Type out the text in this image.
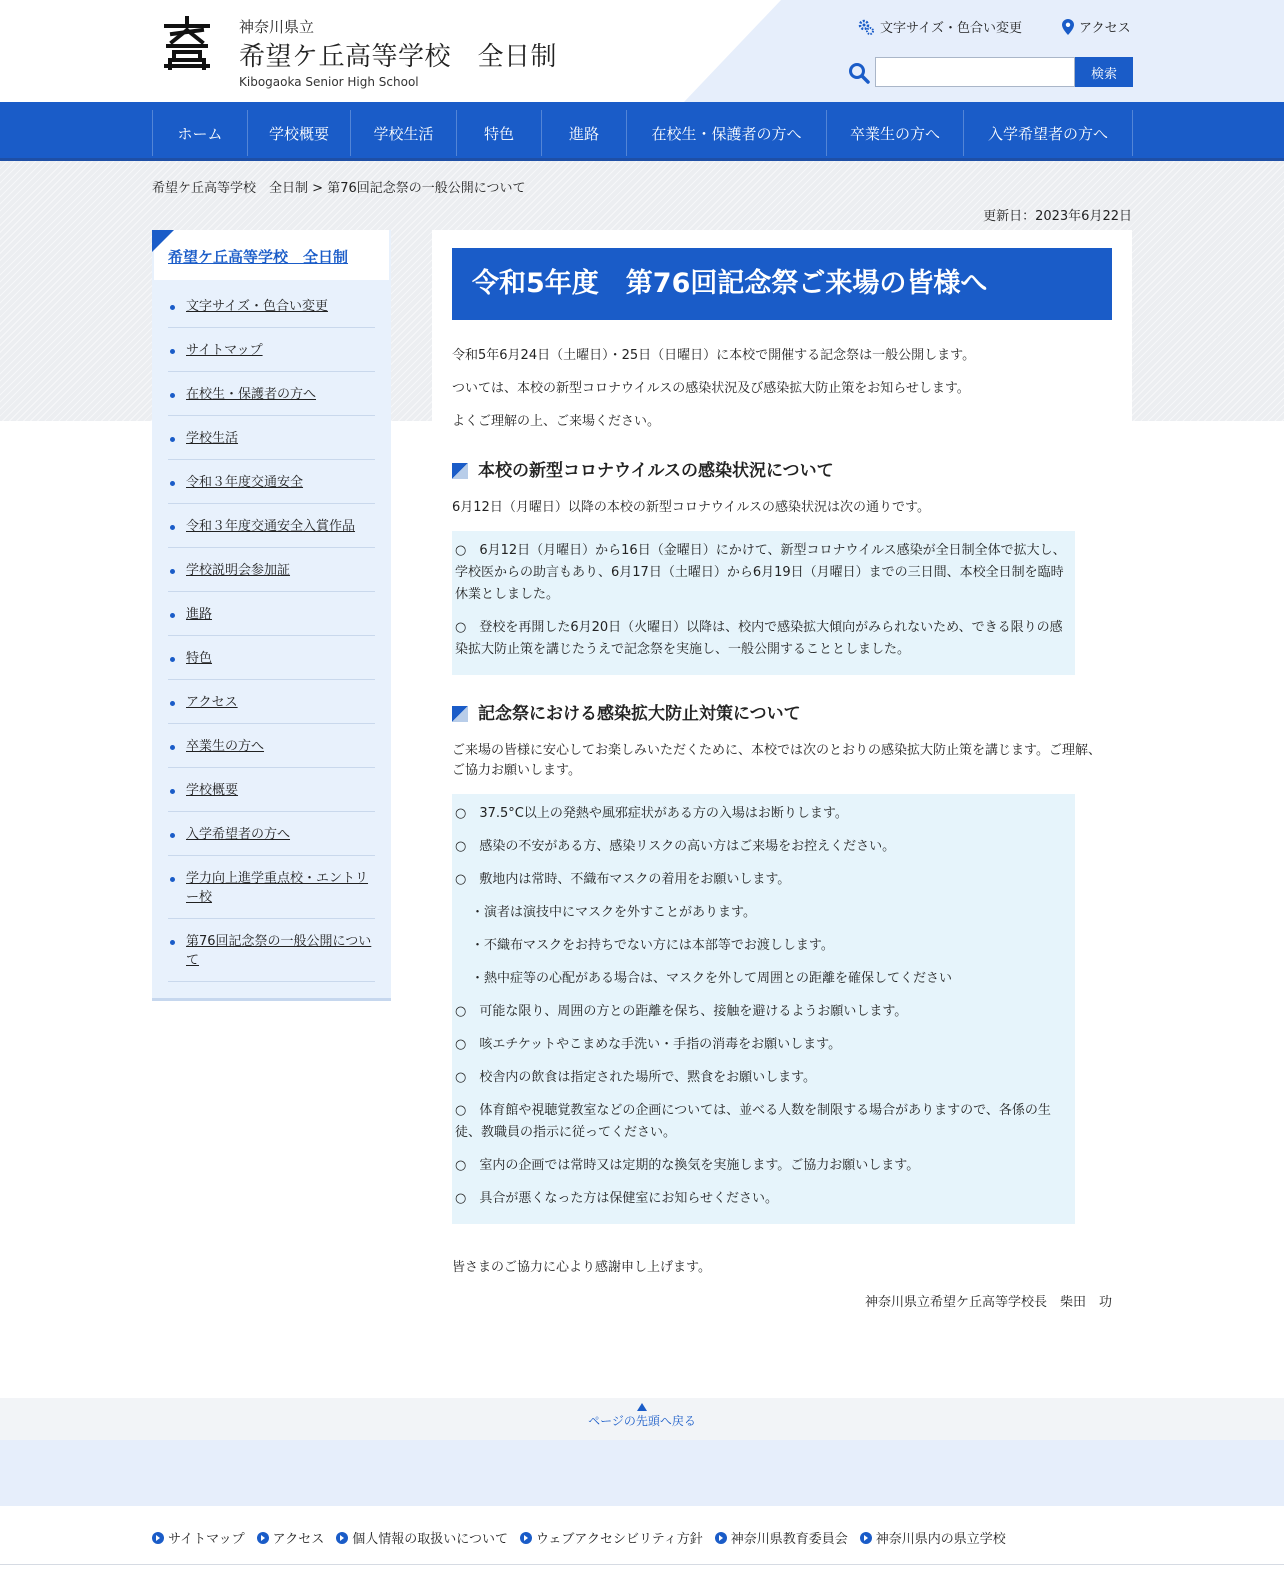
神奈川県立
希望ケ丘高等学校　全日制
Kibogaoka Senior High School
文字サイズ・色合い変更	アクセス
検索
ホーム	学校概要	学校生活	特色	進路	在校生・保護者の方へ	卒業生の方へ	入学希望者の方へ
希望ケ丘高等学校　全日制 > 第76回記念祭の一般公開について
更新日：2023年6月22日
希望ケ丘高等学校　全日制
文字サイズ・色合い変更
サイトマップ
在校生・保護者の方へ
学校生活
令和３年度交通安全
令和３年度交通安全入賞作品
学校説明会参加証
進路
特色
アクセス
卒業生の方へ
学校概要
入学希望者の方へ
学力向上進学重点校・エントリー校
第76回記念祭の一般公開について
令和5年度　第76回記念祭ご来場の皆様へ

令和5年6月24日（土曜日）・25日（日曜日）に本校で開催する記念祭は一般公開します。

ついては、本校の新型コロナウイルスの感染状況及び感染拡大防止策をお知らせします。

よくご理解の上、ご来場ください。

本校の新型コロナウイルスの感染状況について

6月12日（月曜日）以降の本校の新型コロナウイルスの感染状況は次の通りです。

○　6月12日（月曜日）から16日（金曜日）にかけて、新型コロナウイルス感染が全日制全体で拡大し、学校医からの助言もあり、6月17日（土曜日）から6月19日（月曜日）までの三日間、本校全日制を臨時休業としました。
○　登校を再開した6月20日（火曜日）以降は、校内で感染拡大傾向がみられないため、できる限りの感染拡大防止策を講じたうえで記念祭を実施し、一般公開することとしました。
記念祭における感染拡大防止対策について

ご来場の皆様に安心してお楽しみいただくために、本校では次のとおりの感染拡大防止策を講じます。ご理解、ご協力お願いします。

○　37.5°C以上の発熱や風邪症状がある方の入場はお断りします。
○　感染の不安がある方、感染リスクの高い方はご来場をお控えください。
○　敷地内は常時、不織布マスクの着用をお願いします。
・演者は演技中にマスクを外すことがあります。
・不織布マスクをお持ちでない方には本部等でお渡しします。
・熱中症等の心配がある場合は、マスクを外して周囲との距離を確保してください
○　可能な限り、周囲の方との距離を保ち、接触を避けるようお願いします。
○　咳エチケットやこまめな手洗い・手指の消毒をお願いします。
○　校舎内の飲食は指定された場所で、黙食をお願いします。
○　体育館や視聴覚教室などの企画については、並べる人数を制限する場合がありますので、各係の生徒、教職員の指示に従ってください。
○　室内の企画では常時又は定期的な換気を実施します。ご協力お願いします。
○　具合が悪くなった方は保健室にお知らせください。

皆さまのご協力に心より感謝申し上げます。

神奈川県立希望ケ丘高等学校長　柴田　功
ページの先頭へ戻る
サイトマップ アクセス 個人情報の取扱いについて ウェブアクセシビリティ方針 神奈川県教育委員会 神奈川県内の県立学校
